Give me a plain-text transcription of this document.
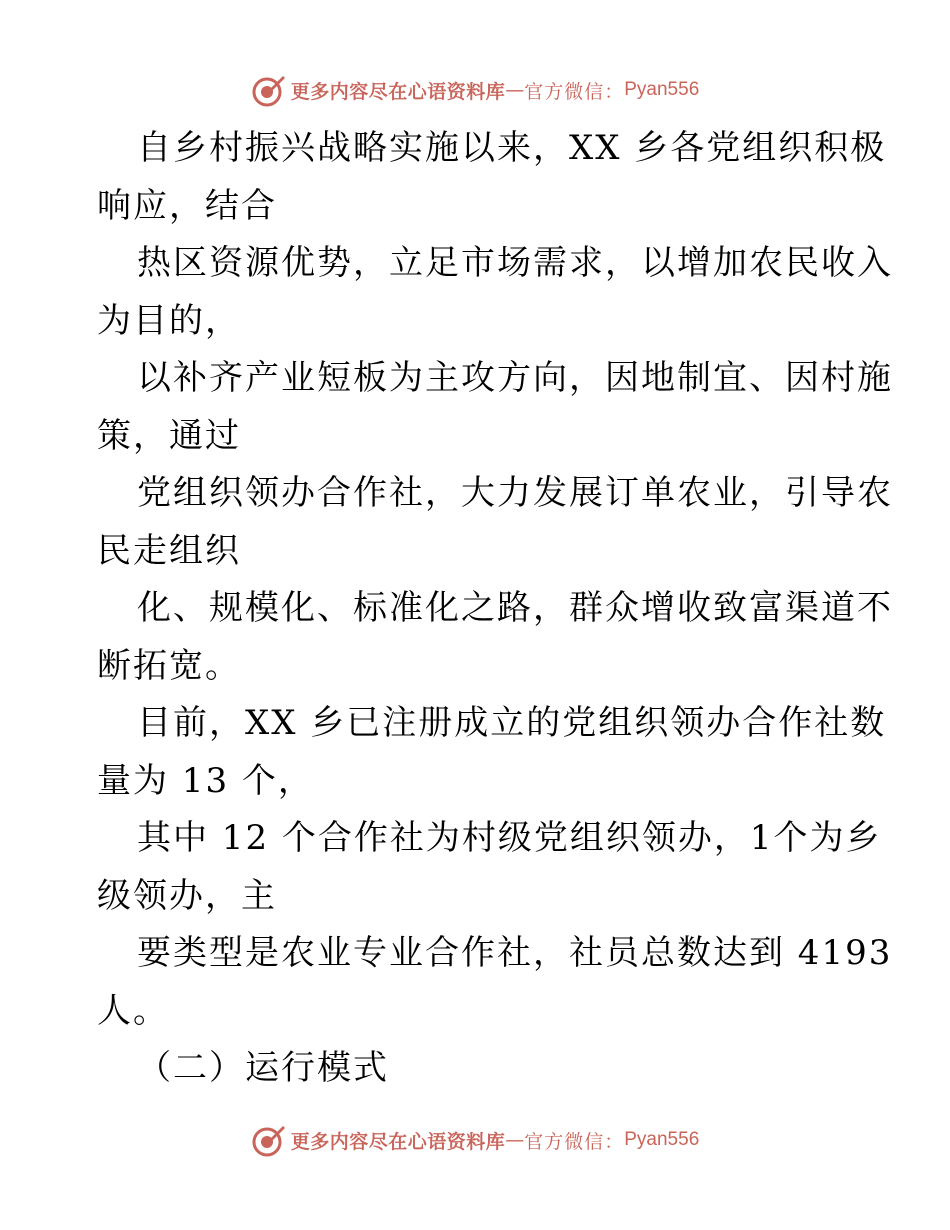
更多内容尽在心语资料库 — 官方微信： Pyan556
自乡村振兴战略实施以来，XX 乡各党组织积极
响应，结合
热区资源优势，立足市场需求，以增加农民收入
为目的，
以补齐产业短板为主攻方向，因地制宜、因村施
策，通过
党组织领办合作社，大力发展订单农业，引导农
民走组织
化、规模化、标准化之路，群众增收致富渠道不
断拓宽。
目前，XX 乡已注册成立的党组织领办合作社数
量为 13 个，
其中 12 个合作社为村级党组织领办，1个为乡
级领办，主
要类型是农业专业合作社，社员总数达到 4193
人。
（二）运行模式
更多内容尽在心语资料库 — 官方微信： Pyan556
